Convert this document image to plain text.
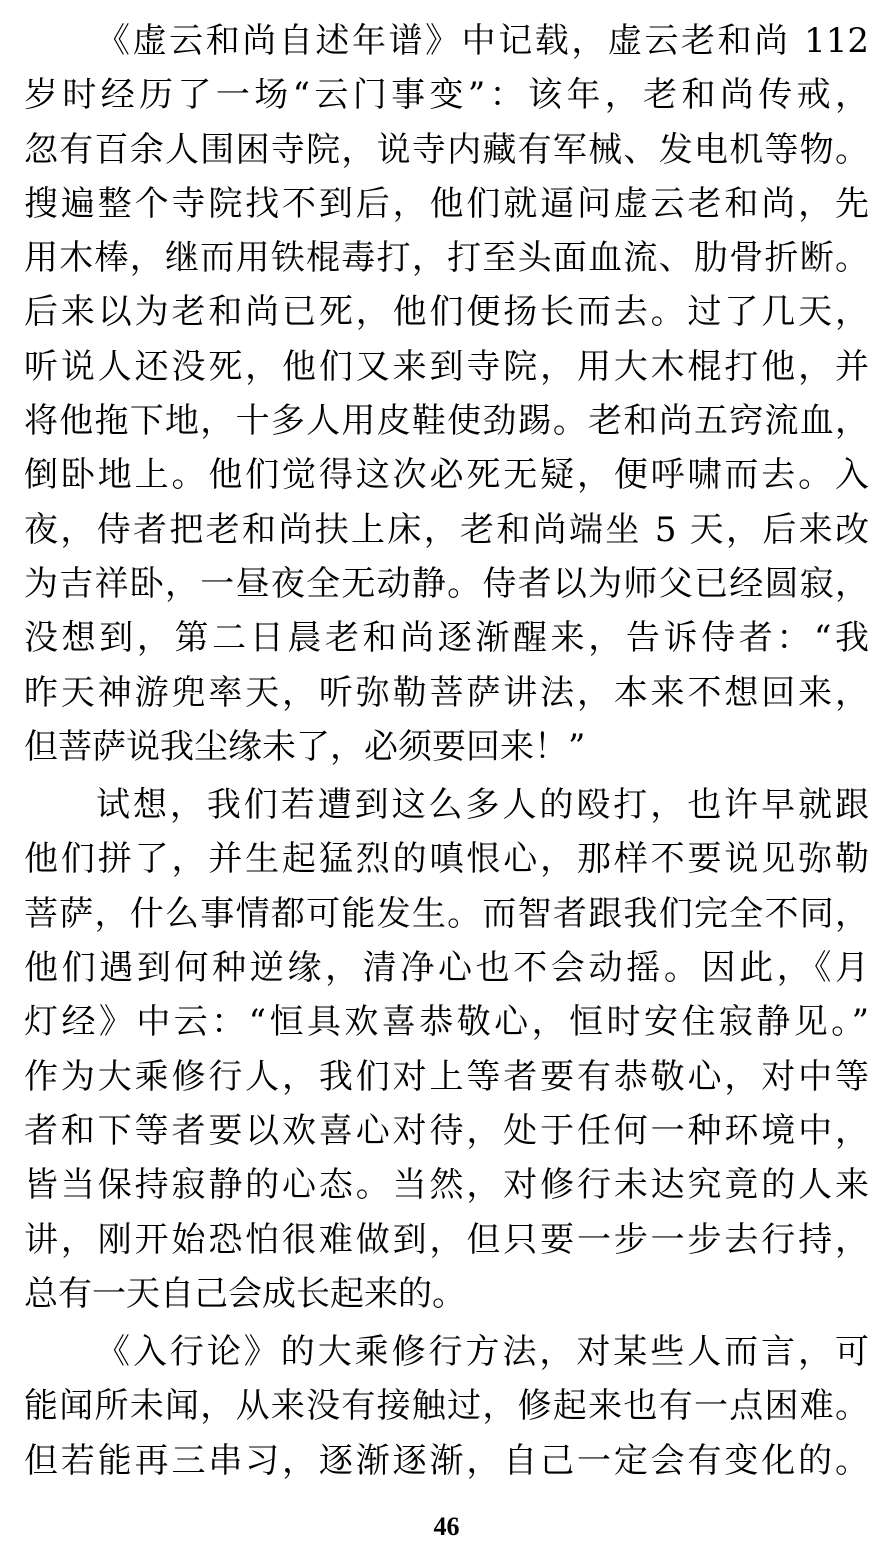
《虚云和尚自述年谱》中记载，虚云老和尚 112
岁时经历了一场“云门事变”：该年，老和尚传戒，
忽有百余人围困寺院，说寺内藏有军械、发电机等物。
搜遍整个寺院找不到后，他们就逼问虚云老和尚，先
用木棒，继而用铁棍毒打，打至头面血流、肋骨折断。
后来以为老和尚已死，他们便扬长而去。过了几天，
听说人还没死，他们又来到寺院，用大木棍打他，并
将他拖下地，十多人用皮鞋使劲踢。老和尚五窍流血，
倒卧地上。他们觉得这次必死无疑，便呼啸而去。入
夜，侍者把老和尚扶上床，老和尚端坐 5 天，后来改
为吉祥卧，一昼夜全无动静。侍者以为师父已经圆寂，
没想到，第二日晨老和尚逐渐醒来，告诉侍者：“我
昨天神游兜率天，听弥勒菩萨讲法，本来不想回来，
但菩萨说我尘缘未了，必须要回来！”
试想，我们若遭到这么多人的殴打，也许早就跟
他们拼了，并生起猛烈的嗔恨心，那样不要说见弥勒
菩萨，什么事情都可能发生。而智者跟我们完全不同，
他们遇到何种逆缘，清净心也不会动摇。因此，《月
灯经》中云：“恒具欢喜恭敬心，恒时安住寂静见。”
作为大乘修行人，我们对上等者要有恭敬心，对中等
者和下等者要以欢喜心对待，处于任何一种环境中，
皆当保持寂静的心态。当然，对修行未达究竟的人来
讲，刚开始恐怕很难做到，但只要一步一步去行持，
总有一天自己会成长起来的。
《入行论》的大乘修行方法，对某些人而言，可
能闻所未闻，从来没有接触过，修起来也有一点困难。
但若能再三串习，逐渐逐渐，自己一定会有变化的。
46
